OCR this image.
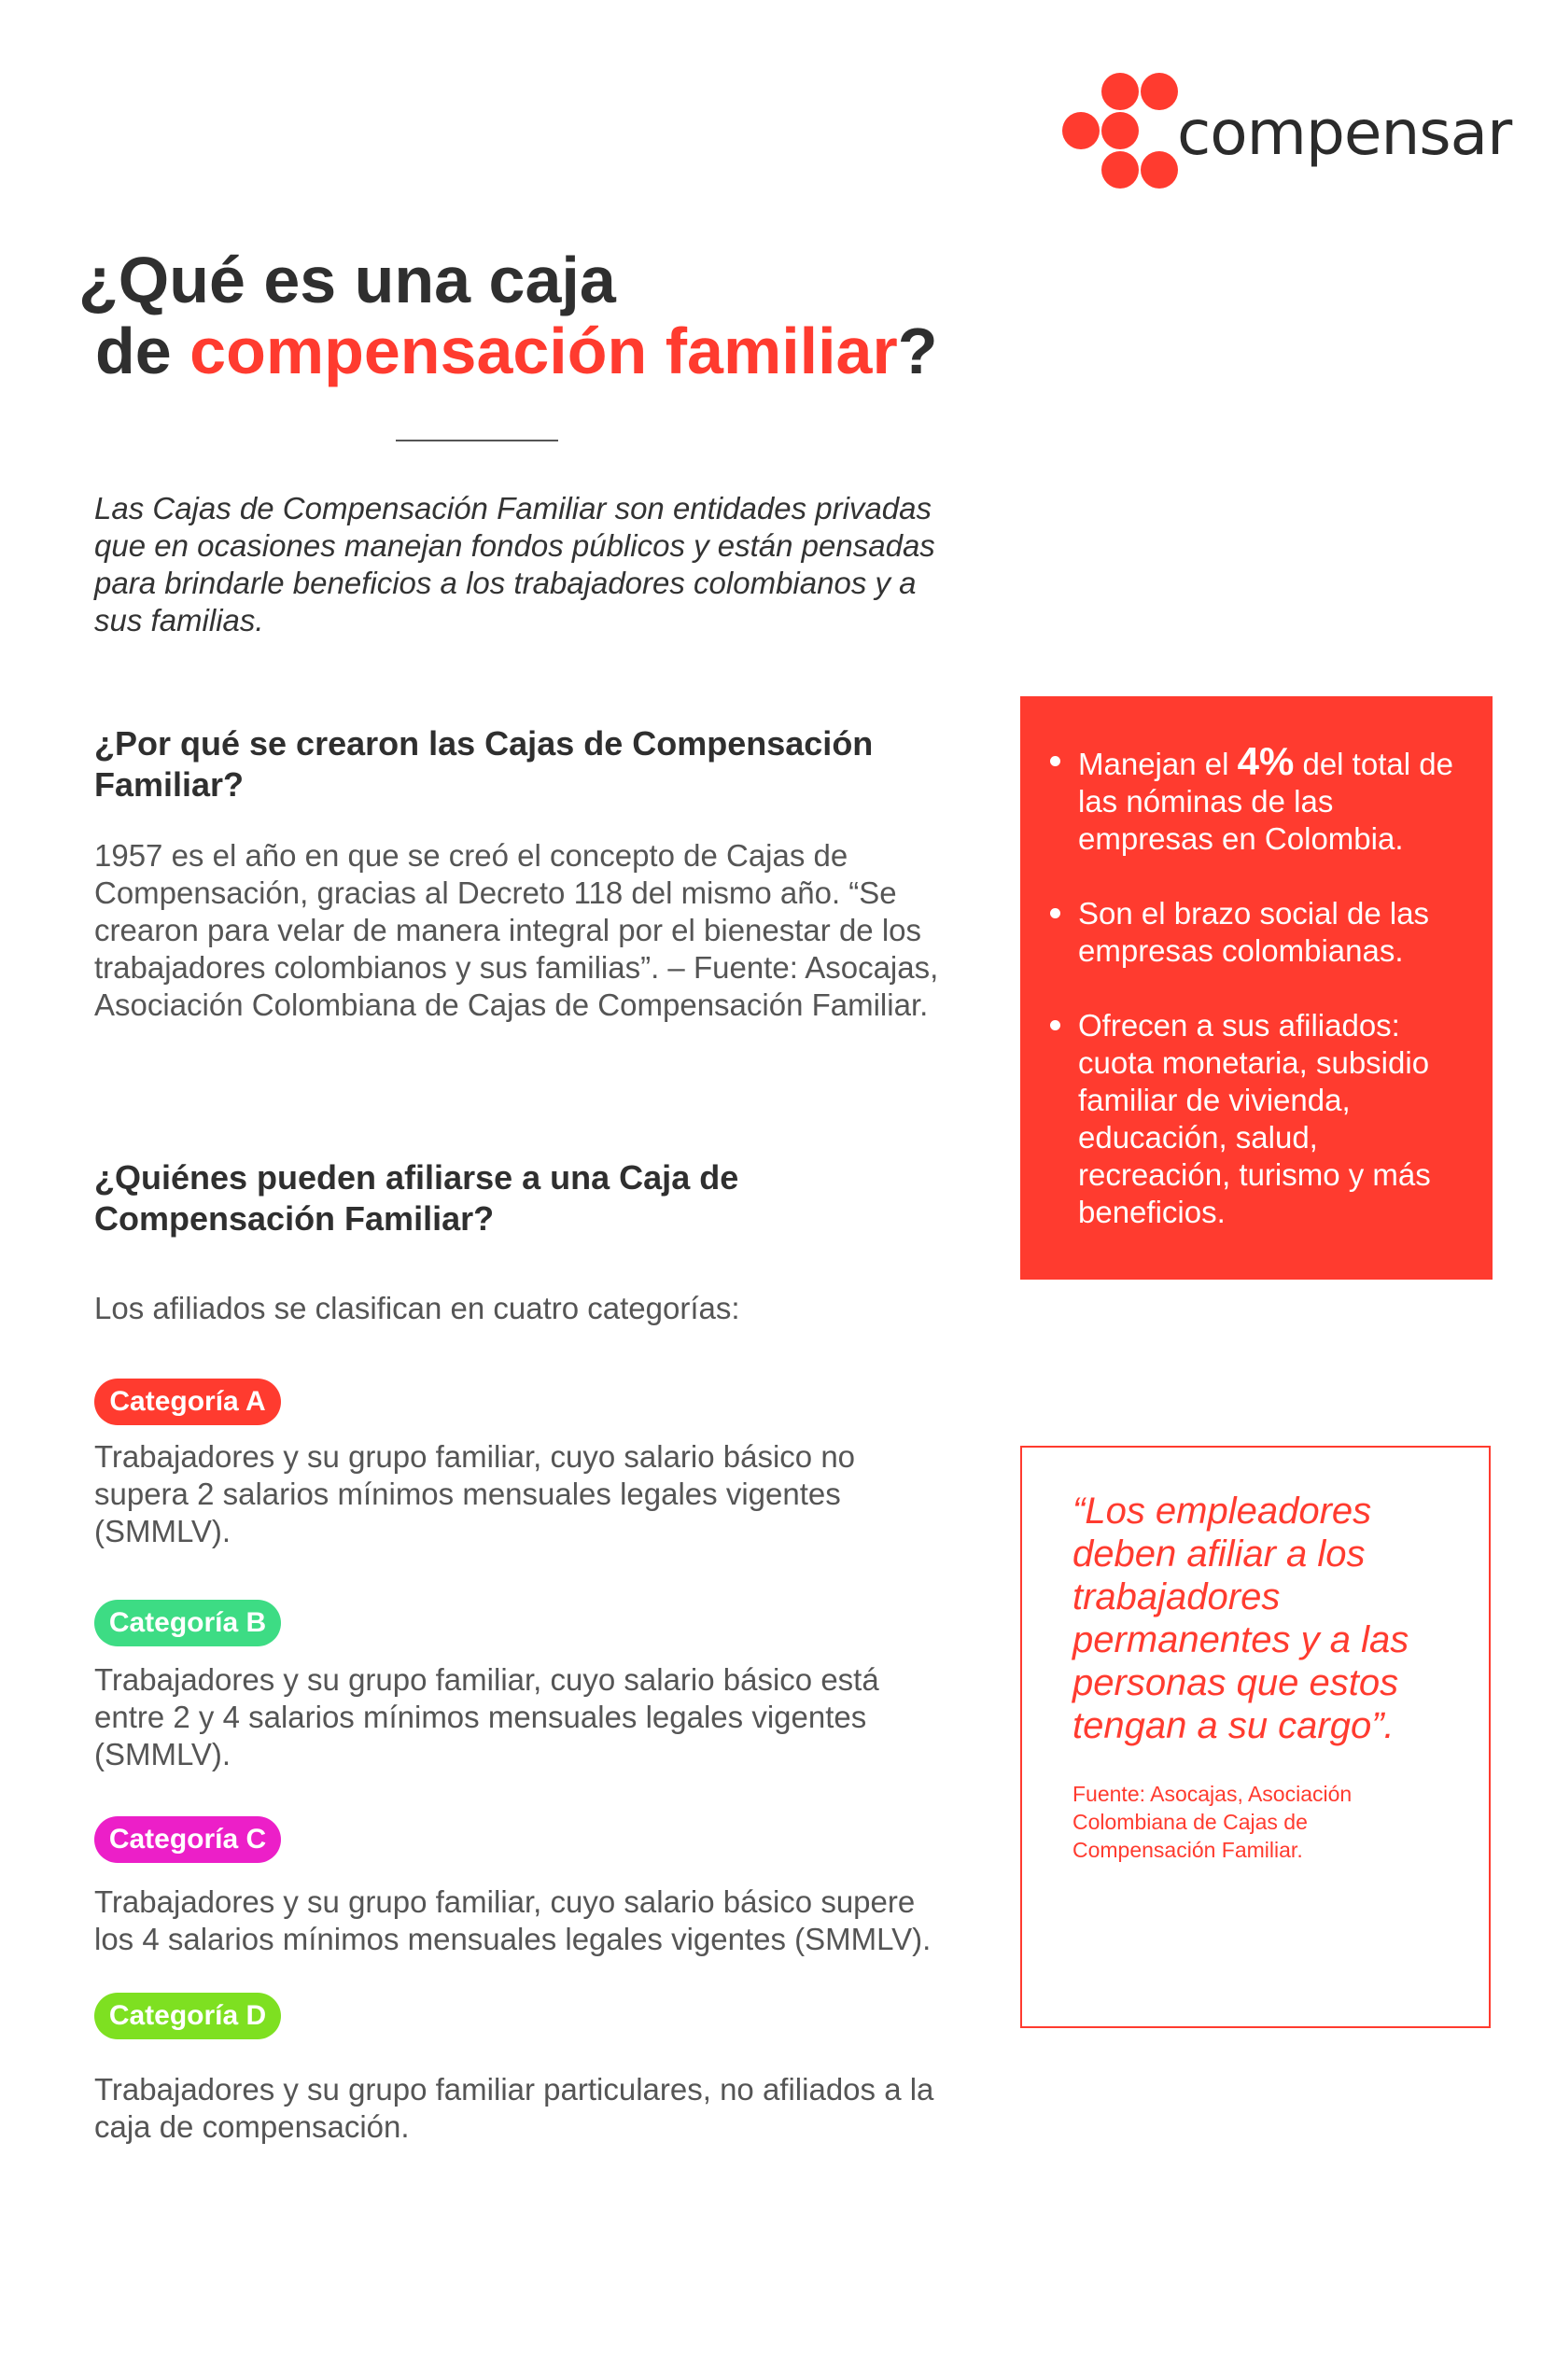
compensar
¿Qué es una caja
de compensación familiar?
Las Cajas de Compensación Familiar son entidades privadas que en ocasiones manejan fondos públicos y están pensadas para brindarle beneficios a los trabajadores colombianos y a sus familias.
¿Por qué se crearon las Cajas de Compensación Familiar?
1957 es el año en que se creó el concepto de Cajas de Compensación, gracias al Decreto 118 del mismo año. “Se crearon para velar de manera integral por el bienestar de los trabajadores colombianos y sus familias”. – Fuente: Asocajas, Asociación Colombiana de Cajas de Compensación Familiar.
¿Quiénes pueden afiliarse a una Caja de Compensación Familiar?
Los afiliados se clasifican en cuatro categorías:
Categoría A
Trabajadores y su grupo familiar, cuyo salario básico no supera 2 salarios mínimos mensuales legales vigentes (SMMLV).
Categoría B
Trabajadores y su grupo familiar, cuyo salario básico está entre 2 y 4 salarios mínimos mensuales legales vigentes (SMMLV).
Categoría C
Trabajadores y su grupo familiar, cuyo salario básico supere los 4 salarios mínimos mensuales legales vigentes (SMMLV).
Categoría D
Trabajadores y su grupo familiar particulares, no afiliados a la caja de compensación.
Manejan el 4% del total de las nóminas de las empresas en Colombia.
Son el brazo social de las empresas colombianas.
Ofrecen a sus afiliados: cuota monetaria, subsidio familiar de vivienda, educación, salud, recreación, turismo y más beneficios.
“Los empleadores deben afiliar a los trabajadores permanentes y a las personas que estos tengan a su cargo”.
Fuente: Asocajas, Asociación Colombiana de Cajas de Compensación Familiar.
